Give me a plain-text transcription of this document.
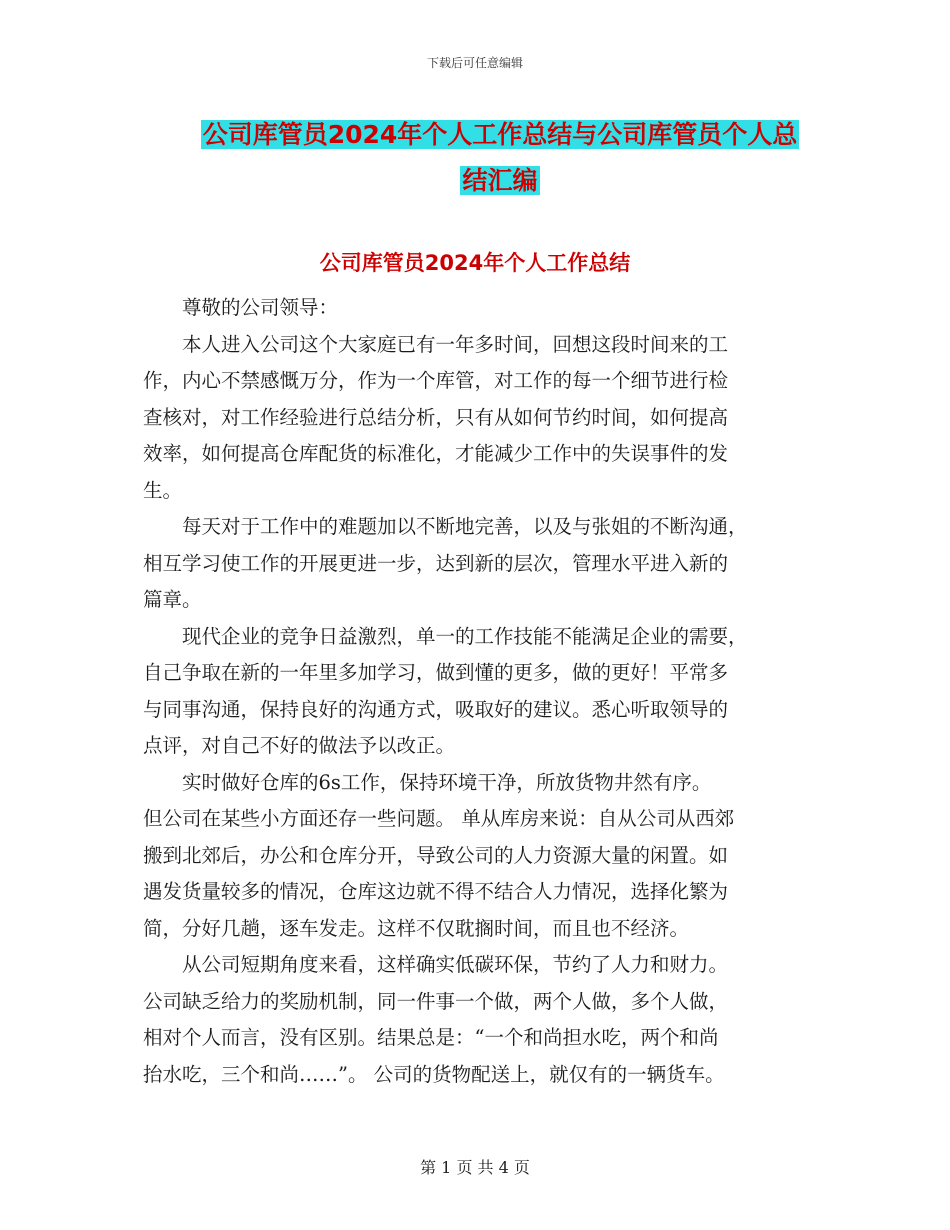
下载后可任意编辑
公司库管员2024年个人工作总结与公司库管员个人总
结汇编
公司库管员2024年个人工作总结

尊敬的公司领导：

本人进入公司这个大家庭已有一年多时间，回想这段时间来的工

作，内心不禁感慨万分，作为一个库管，对工作的每一个细节进行检

查核对，对工作经验进行总结分析，只有从如何节约时间，如何提高

效率，如何提高仓库配货的标准化，才能减少工作中的失误事件的发

生。

每天对于工作中的难题加以不断地完善，以及与张姐的不断沟通，

相互学习使工作的开展更进一步，达到新的层次，管理水平进入新的

篇章。

现代企业的竞争日益激烈，单一的工作技能不能满足企业的需要，

自己争取在新的一年里多加学习，做到懂的更多，做的更好！平常多

与同事沟通，保持良好的沟通方式，吸取好的建议。悉心听取领导的

点评，对自己不好的做法予以改正。

实时做好仓库的6s工作，保持环境干净，所放货物井然有序。

但公司在某些小方面还存一些问题。 单从库房来说：自从公司从西郊

搬到北郊后，办公和仓库分开，导致公司的人力资源大量的闲置。如

遇发货量较多的情况，仓库这边就不得不结合人力情况，选择化繁为

简，分好几趟，逐车发走。这样不仅耽搁时间，而且也不经济。

从公司短期角度来看，这样确实低碳环保，节约了人力和财力。

公司缺乏给力的奖励机制，同一件事一个做，两个人做，多个人做，

相对个人而言，没有区别。结果总是：“一个和尚担水吃，两个和尚

抬水吃，三个和尚……”。 公司的货物配送上，就仅有的一辆货车。

第 1 页 共 4 页
